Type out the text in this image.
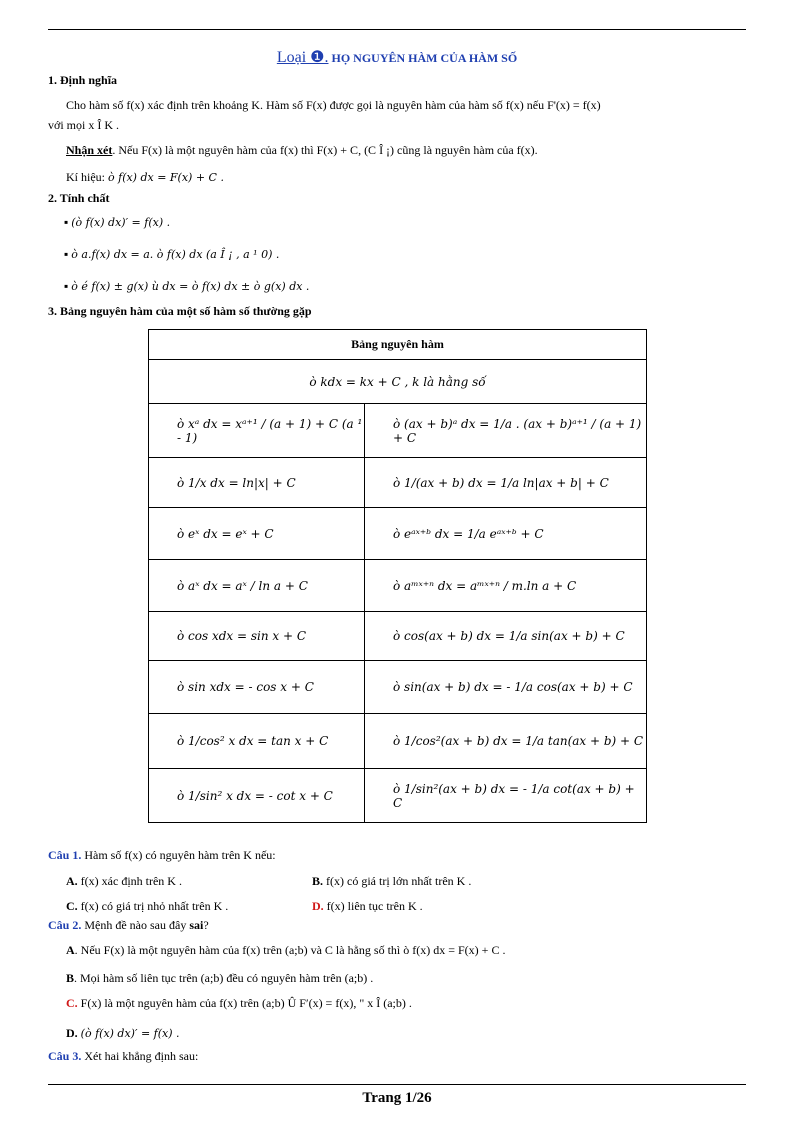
Loại ❶. HỌ NGUYÊN HÀM CỦA HÀM SỐ
1. Định nghĩa
Cho hàm số f(x) xác định trên khoảng K. Hàm số F(x) được gọi là nguyên hàm của hàm số f(x) nếu F'(x) = f(x)
với mọi x Î K .
Nhận xét. Nếu F(x) là một nguyên hàm của f(x) thì F(x) + C, (C Î ¡) cũng là nguyên hàm của f(x).
Kí hiệu: ò f(x) dx = F(x) + C .
2. Tính chất
▪ (ò f(x) dx)′ = f(x) .
▪ ò a.f(x) dx = a. ò f(x) dx (a Î ¡ , a ¹ 0) .
▪ ò é f(x) ± g(x) ù dx = ò f(x) dx ± ò g(x) dx .
3. Bảng nguyên hàm của một số hàm số thường gặp
Bảng nguyên hàm	
ò kdx = kx + C , k là hằng số	
ò xᵃ dx = xᵃ⁺¹ / (a + 1) + C (a ¹ - 1)	ò (ax + b)ᵃ dx = 1/a . (ax + b)ᵃ⁺¹ / (a + 1) + C
ò 1/x dx = ln|x| + C	ò 1/(ax + b) dx = 1/a ln|ax + b| + C
ò eˣ dx = eˣ + C	ò eᵃˣ⁺ᵇ dx = 1/a eᵃˣ⁺ᵇ + C
ò aˣ dx = aˣ / ln a + C	ò aᵐˣ⁺ⁿ dx = aᵐˣ⁺ⁿ / m.ln a + C
ò cos xdx = sin x + C	ò cos(ax + b) dx = 1/a sin(ax + b) + C
ò sin xdx = - cos x + C	ò sin(ax + b) dx = - 1/a cos(ax + b) + C
ò 1/cos² x dx = tan x + C	ò 1/cos²(ax + b) dx = 1/a tan(ax + b) + C
ò 1/sin² x dx = - cot x + C	ò 1/sin²(ax + b) dx = - 1/a cot(ax + b) + C
Câu 1. Hàm số f(x) có nguyên hàm trên K nếu:
A. f(x) xác định trên K .	B. f(x) có giá trị lớn nhất trên K .
C. f(x) có giá trị nhỏ nhất trên K .	D. f(x) liên tục trên K .
Câu 2. Mệnh đề nào sau đây sai?
A. Nếu F(x) là một nguyên hàm của f(x) trên (a;b) và C là hằng số thì ò f(x) dx = F(x) + C .
B. Mọi hàm số liên tục trên (a;b) đều có nguyên hàm trên (a;b) .
C. F(x) là một nguyên hàm của f(x) trên (a;b) Û F′(x) = f(x), " x Î (a;b) .
D. (ò f(x) dx)′ = f(x) .
Câu 3. Xét hai khẳng định sau:
Trang 1/26
